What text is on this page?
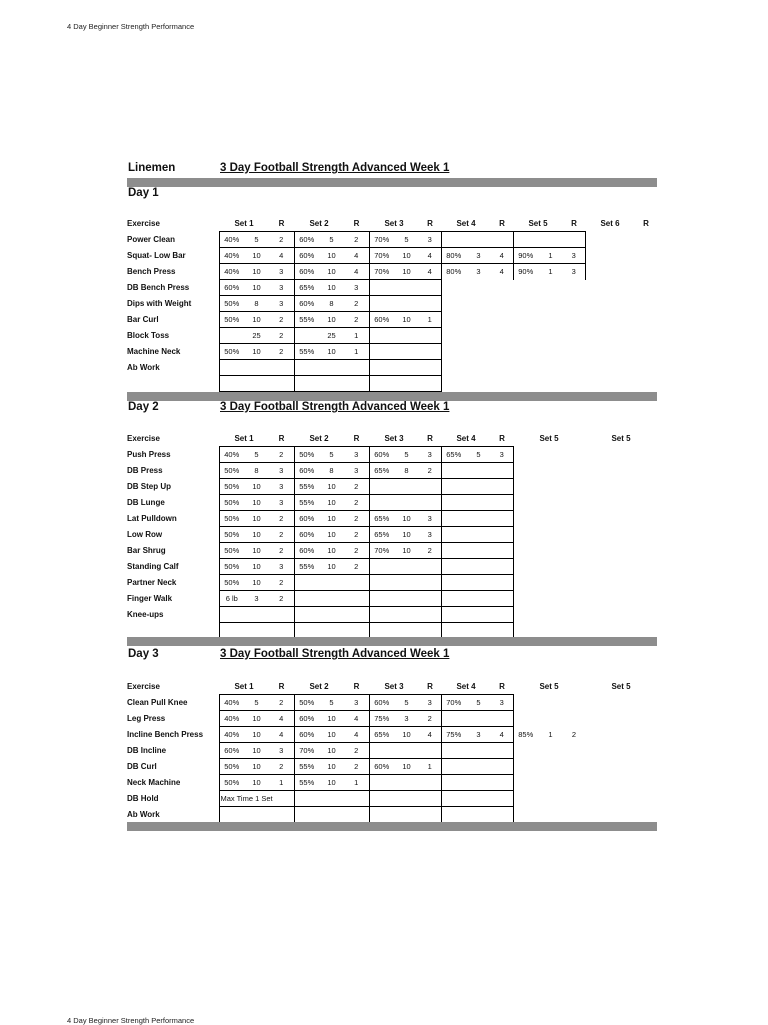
4 Day Beginner Strength Performance
Linemen	3 Day Football Strength Advanced Week 1
Day 1
Exercise	Set 1		R	Set 2		R	Set 3		R	Set 4		R	Set 5		R	Set 6		R
Power Clean	40%	5	2	60%	5	2	70%	5	3									
Squat- Low Bar	40%	10	4	60%	10	4	70%	10	4	80%	3	4	90%	1	3			
Bench Press	40%	10	3	60%	10	4	70%	10	4	80%	3	4	90%	1	3			
DB Bench Press	60%	10	3	65%	10	3												
Dips with Weight	50%	8	3	60%	8	2												
Bar Curl	50%	10	2	55%	10	2	60%	10	1									
Block Toss		25	2		25	1												
Machine Neck	50%	10	2	55%	10	1												
Ab Work																		

Day 2	3 Day Football Strength Advanced Week 1
Exercise	Set 1		R	Set 2		R	Set 3		R	Set 4		R	Set 5			Set 5		
Push Press	40%	5	2	50%	5	3	60%	5	3	65%	5	3						
DB Press	50%	8	3	60%	8	3	65%	8	2									
DB Step Up	50%	10	3	55%	10	2												
DB Lunge	50%	10	3	55%	10	2												
Lat Pulldown	50%	10	2	60%	10	2	65%	10	3									
Low Row	50%	10	2	60%	10	2	65%	10	3									
Bar Shrug	50%	10	2	60%	10	2	70%	10	2									
Standing Calf	50%	10	3	55%	10	2												
Partner Neck	50%	10	2															
Finger Walk	6 lb	3	2															
Knee-ups																		

Day 3	3 Day Football Strength Advanced Week 1
Exercise	Set 1		R	Set 2		R	Set 3		R	Set 4		R	Set 5			Set 5		
Clean Pull Knee	40%	5	2	50%	5	3	60%	5	3	70%	5	3						
Leg Press	40%	10	4	60%	10	4	75%	3	2									
Incline Bench Press	40%	10	4	60%	10	4	65%	10	4	75%	3	4	85%	1	2			
DB Incline	60%	10	3	70%	10	2												
DB Curl	50%	10	2	55%	10	2	60%	10	1									
Neck Machine	50%	10	1	55%	10	1												
DB Hold	Max Time 1 Set																	
Ab Work																		
4 Day Beginner Strength Performance
